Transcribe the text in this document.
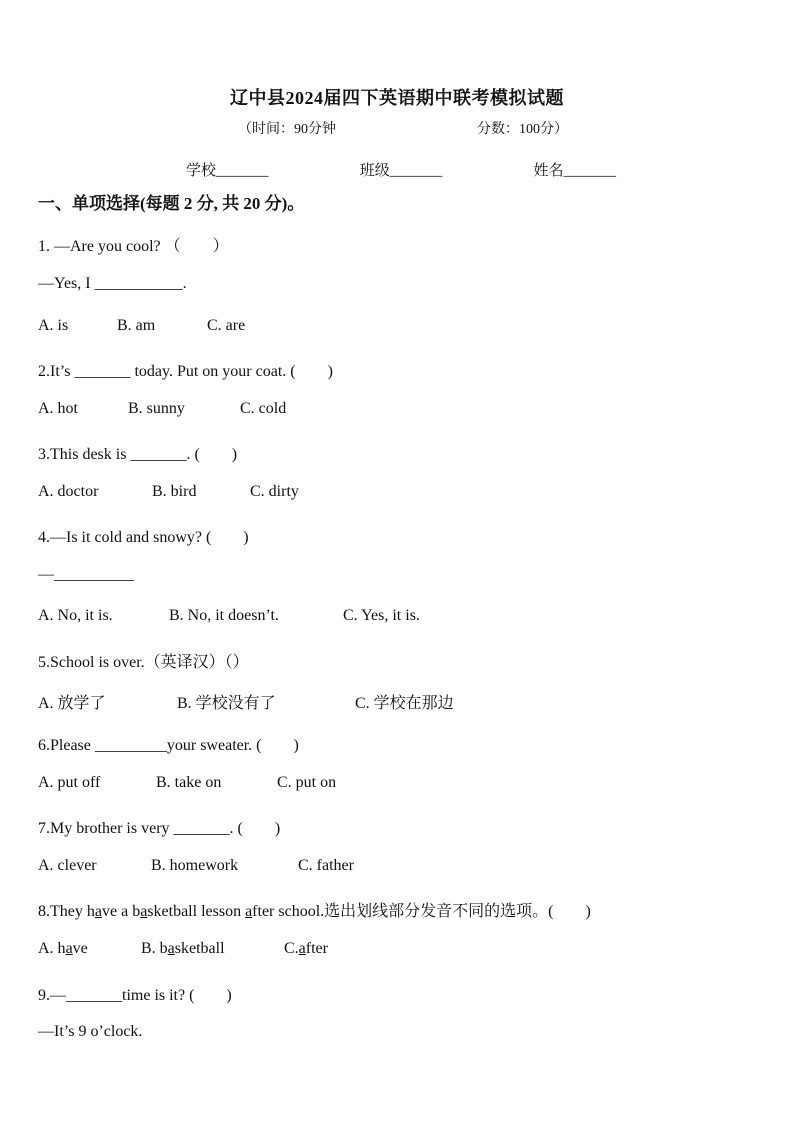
辽中县2024届四下英语期中联考模拟试题
（时间：90分钟	分数：100分）
学校_______	班级_______	姓名_______
一、单项选择(每题 2 分, 共 20 分)。
1. —Are you cool? （　　）
—Yes, I ___________.
A. is	B. am	C. are
2.It’s _______ today. Put on your coat. (　　)
A. hot	B. sunny	C. cold
3.This desk is _______. (　　)
A. doctor	B. bird	C. dirty
4.—Is it cold and snowy? (　　)
—__________
A. No, it is.	B. No, it doesn’t.	C. Yes, it is.
5.School is over.（英译汉）（）
A. 放学了	B. 学校没有了	C. 学校在那边
6.Please _________your sweater. (　　)
A. put off	B. take on	C. put on
7.My brother is very _______. (　　)
A. clever	B. homework	C. father
8.They have a basketball lesson after school.选出划线部分发音不同的选项。(　　)
A. have	B. basketball	C.after
9.—_______time is it? (　　)
—It’s 9 o’clock.
